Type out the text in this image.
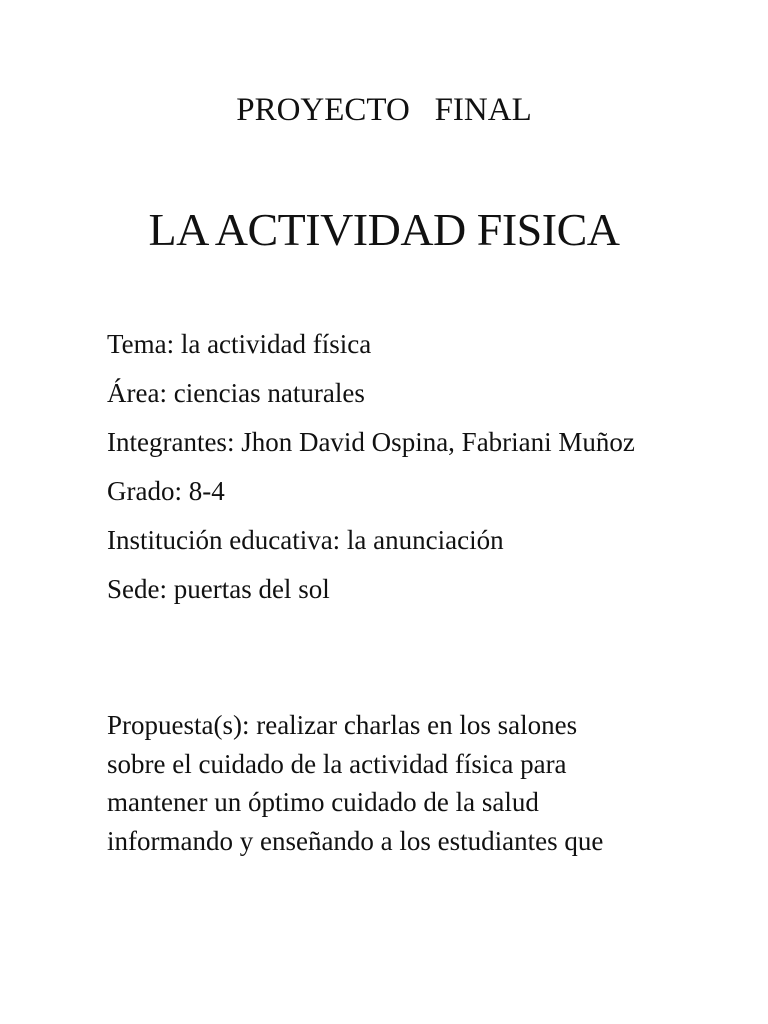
PROYECTO   FINAL
LA ACTIVIDAD FISICA

Tema: la actividad física

Área: ciencias naturales

Integrantes: Jhon David Ospina, Fabriani Muñoz

Grado: 8-4

Institución educativa: la anunciación

Sede: puertas del sol

Propuesta(s): realizar charlas en los salones
sobre el cuidado de la actividad física para
mantener un óptimo cuidado de la salud
informando y enseñando a los estudiantes que
